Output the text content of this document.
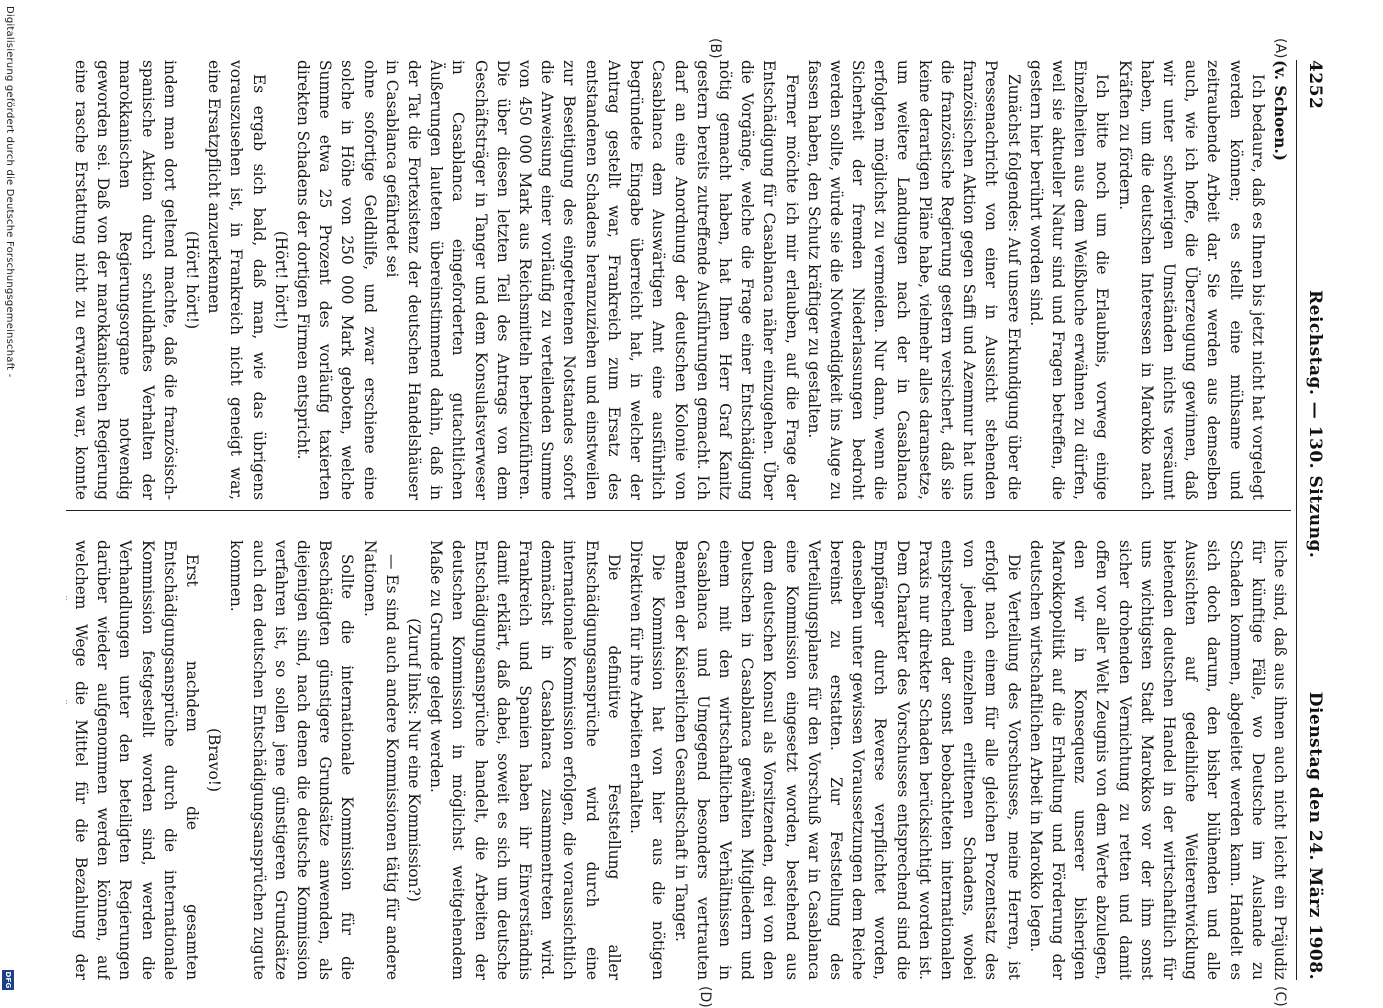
4252
Reichstag. — 130. Sitzung.
Dienstag den 24. März 1908.
(A)
(B)
(C)
(D)

(v. Schoen.)

Ich bedaure, daß es Ihnen bis jetzt nicht hat vorgelegt werden können; es stellt eine mühsame und zeitraubende Arbeit dar. Sie werden aus demselben auch, wie ich hoffe, die Überzeugung gewinnen, daß wir unter schwierigen Umständen nichts versäumt haben, um die deutschen Interessen in Marokko nach Kräften zu fördern.

Ich bitte noch um die Erlaubnis, vorweg einige Einzelheiten aus dem Weißbuche erwähnen zu dürfen, weil sie aktueller Natur sind und Fragen betreffen, die gestern hier berührt worden sind.

Zunächst folgendes: Auf unsere Erkundigung über die Pressenachricht von einer in Aussicht stehenden französischen Aktion gegen Saffi und Azemmur hat uns die französische Regierung gestern versichert, daß sie keine derartigen Pläne habe, vielmehr alles daransetze, um weitere Landungen nach der in Casablanca erfolgten möglichst zu vermeiden. Nur dann, wenn die Sicherheit der fremden Niederlassungen bedroht werden sollte, würde sie die Notwendigkeit ins Auge zu fassen haben, den Schutz kräftiger zu gestalten.

Ferner möchte ich mir erlauben, auf die Frage der Entschädigung für Casablanca näher einzugehen. Über die Vorgänge, welche die Frage einer Entschädigung nötig gemacht haben, hat Ihnen Herr Graf Kanitz gestern bereits zutreffende Ausführungen gemacht. Ich darf an eine Anordnung der deutschen Kolonie von Casablanca dem Auswärtigen Amt eine ausführlich begründete Eingabe überreicht hat, in welcher der Antrag gestellt war, Frankreich zum Ersatz des entstandenen Schadens heranzuziehen und einstweilen zur Beseitigung des eingetretenen Notstandes sofort die Anweisung einer vorläufig zu verteilenden Summe von 450 000 Mark aus Reichsmitteln herbeizuführen. Die über diesen letzten Teil des Antrags von dem Geschäftsträger in Tanger und dem Konsulatsverweser in Casablanca eingeforderten gutachtlichen Äußerungen lauteten übereinstimmend dahin, daß in der Tat die Fortexistenz der deutschen Handelshäuser in Casablanca gefährdet sei

ohne sofortige Geldhilfe, und zwar erschiene eine solche in Höhe von 250 000 Mark geboten, welche Summe etwa 25 Prozent des vorläufig taxierten direkten Schadens der dortigen Firmen entspricht.

(Hört! hört!)

Es ergab sich bald, daß man, wie das übrigens vorauszusehen ist, in Frankreich nicht geneigt war, eine Ersatzpflicht anzuerkennen

(Hört! hört!)

indem man dort geltend machte, daß die französisch-spanische Aktion durch schuldhaftes Verhalten der marokkanischen Regierungsorgane notwendig geworden sei. Daß von der marokkanischen Regierung eine rasche Erstattung nicht zu erwarten war, konnte

liche sind, daß aus ihnen auch nicht leicht ein Präjudiz für künftige Fälle, wo Deutsche im Auslande zu Schaden kommen, abgeleitet werden kann. Handelt es sich doch darum, den bisher blühenden und alle Aussichten auf gedeihliche Weiterentwicklung bietenden deutschen Handel in der wirtschaftlich für uns wichtigsten Stadt Marokkos vor der ihm sonst sicher drohenden Vernichtung zu retten und damit offen vor aller Welt Zeugnis von dem Werte abzulegen, den wir in Konsequenz unserer bisherigen Marokkopolitik auf die Erhaltung und Förderung der deutschen wirtschaftlichen Arbeit in Marokko legen.

Die Verteilung des Vorschusses, meine Herren, ist erfolgt nach einem für alle gleichen Prozentsatz des von jedem einzelnen erlittenen Schadens, wobei entsprechend der sonst beobachteten internationalen Praxis nur direkter Schaden berücksichtigt worden ist. Dem Charakter des Vorschusses entsprechend sind die Empfänger durch Reverse verpflichtet worden, denselben unter gewissen Voraussetzungen dem Reiche bereinst zu erstatten. Zur Feststellung des Verteilungsplanes für den Vorschuß war in Casablanca eine Kommission eingesetzt worden, bestehend aus dem deutschen Konsul als Vorsitzenden, drei von den Deutschen in Casablanca gewählten Mitgliedern und einem mit den wirtschaftlichen Verhältnissen in Casablanca und Umgegend besonders vertrauten Beamten der Kaiserlichen Gesandtschaft in Tanger.

Die Kommission hat von hier aus die nötigen Direktiven für ihre Arbeiten erhalten.

Die definitive Feststellung aller Entschädigungsansprüche wird durch eine internationale Kommission erfolgen, die voraussichtlich demnächst in Casablanca zusammentreten wird. Frankreich und Spanien haben ihr Einverständnis damit erklärt, daß dabei, soweit es sich um deutsche Entschädigungsansprüche handelt, die Arbeiten der deutschen Kommission in möglichst weitgehendem Maße zu Grunde gelegt werden.

(Zuruf links: Nur eine Kommission?)

— Es sind auch andere Kommissionen tätig für andere Nationen.

Sollte die internationale Kommission für die Beschädigten günstigere Grundsätze anwenden, als diejenigen sind, nach denen die deutsche Kommission verfahren ist, so sollen jene günstigeren Grundsätze auch den deutschen Entschädigungsansprüchen zugute kommen.

(Bravo!)

Erst nachdem die gesamten Entschädigungsansprüche durch die internationale Kommission festgestellt worden sind, werden die Verhandlungen unter den beteiligten Regierungen darüber wieder aufgenommen werden können, auf welchem Wege die Mittel für die Bezahlung der

Digitalisierung gefördert durch die Deutsche Forschungsgemeinschaft -
DFG
